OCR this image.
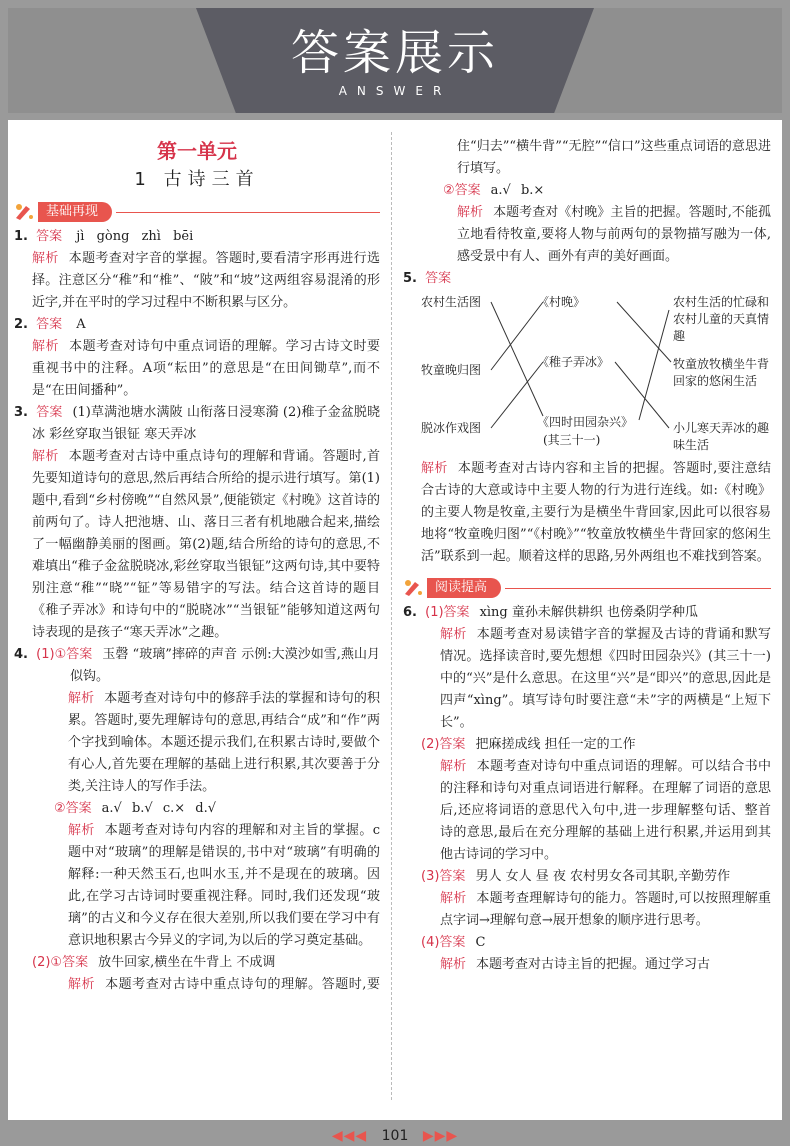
答案展示
ANSWER
第一单元
1 古诗三首
基础再现
1. 答案 jì gòng zhì bēi
解析 本题考查对字音的掌握。答题时,要看清字形再进行选择。注意区分“稚”和“椎”、“陂”和“坡”这两组容易混淆的形近字,并在平时的学习过程中不断积累与区分。
2. 答案 A
解析 本题考查对诗句中重点词语的理解。学习古诗文时要重视书中的注释。A项“耘田”的意思是“在田间锄草”,而不是“在田间播种”。
3. 答案 (1)草满池塘水满陂 山衔落日浸寒漪 (2)稚子金盆脱晓冰 彩丝穿取当银钲 寒天弄冰
解析 本题考查对古诗中重点诗句的理解和背诵。答题时,首先要知道诗句的意思,然后再结合所给的提示进行填写。第(1)题中,看到“乡村傍晚”“自然风景”,便能锁定《村晚》这首诗的前两句了。诗人把池塘、山、落日三者有机地融合起来,描绘了一幅幽静美丽的图画。第(2)题,结合所给的诗句的意思,不难填出“稚子金盆脱晓冰,彩丝穿取当银钲”这两句诗,其中要特别注意“稚”“晓”“钲”等易错字的写法。结合这首诗的题目《稚子弄冰》和诗句中的“脱晓冰”“当银钲”能够知道这两句诗表现的是孩子“寒天弄冰”之趣。
4. (1)①答案 玉磬 “玻璃”摔碎的声音 示例:大漠沙如雪,燕山月似钩。
解析 本题考查对诗句中的修辞手法的掌握和诗句的积累。答题时,要先理解诗句的意思,再结合“成”和“作”两个字找到喻体。本题还提示我们,在积累古诗时,要做个有心人,首先要在理解的基础上进行积累,其次要善于分类,关注诗人的写作手法。
②答案 a.√ b.√ c.× d.√
解析 本题考查对诗句内容的理解和对主旨的掌握。c题中对“玻璃”的理解是错误的,书中对“玻璃”有明确的解释:一种天然玉石,也叫水玉,并不是现在的玻璃。因此,在学习古诗词时要重视注释。同时,我们还发现“玻璃”的古义和今义存在很大差别,所以我们要在学习中有意识地积累古今异义的字词,为以后的学习奠定基础。
(2)①答案 放牛回家,横坐在牛背上 不成调
解析 本题考查对古诗中重点诗句的理解。答题时,要
住“归去”“横牛背”“无腔”“信口”这些重点词语的意思进行填写。
②答案 a.√ b.×
解析 本题考查对《村晚》主旨的把握。答题时,不能孤立地看待牧童,要将人物与前两句的景物描写融为一体,感受景中有人、画外有声的美好画面。
5. 答案
农村生活图
牧童晚归图
脱冰作戏图
《村晚》
《稚子弄冰》
《四时田园杂兴》
(其三十一)
农村生活的忙碌和农村儿童的天真情趣
牧童放牧横坐牛背回家的悠闲生活
小儿寒天弄冰的趣味生活
解析 本题考查对古诗内容和主旨的把握。答题时,要注意结合古诗的大意或诗中主要人物的行为进行连线。如:《村晚》的主要人物是牧童,主要行为是横坐牛背回家,因此可以很容易地将“牧童晚归图”“《村晚》”“牧童放牧横坐牛背回家的悠闲生活”联系到一起。顺着这样的思路,另外两组也不难找到答案。
阅读提高
6. (1)答案 xìng 童孙未解供耕织 也傍桑阴学种瓜
解析 本题考查对易读错字音的掌握及古诗的背诵和默写情况。选择读音时,要先想想《四时田园杂兴》(其三十一)中的“兴”是什么意思。在这里“兴”是“即兴”的意思,因此是四声“xìng”。填写诗句时要注意“未”字的两横是“上短下长”。
(2)答案 把麻搓成线 担任一定的工作
解析 本题考查对诗句中重点词语的理解。可以结合书中的注释和诗句对重点词语进行解释。在理解了词语的意思后,还应将词语的意思代入句中,进一步理解整句话、整首诗的意思,最后在充分理解的基础上进行积累,并运用到其他古诗词的学习中。
(3)答案 男人 女人 昼 夜 农村男女各司其职,辛勤劳作
解析 本题考查理解诗句的能力。答题时,可以按照理解重点字词→理解句意→展开想象的顺序进行思考。
(4)答案 C
解析 本题考查对古诗主旨的把握。通过学习古
◀◀◀ 101 ▶▶▶
